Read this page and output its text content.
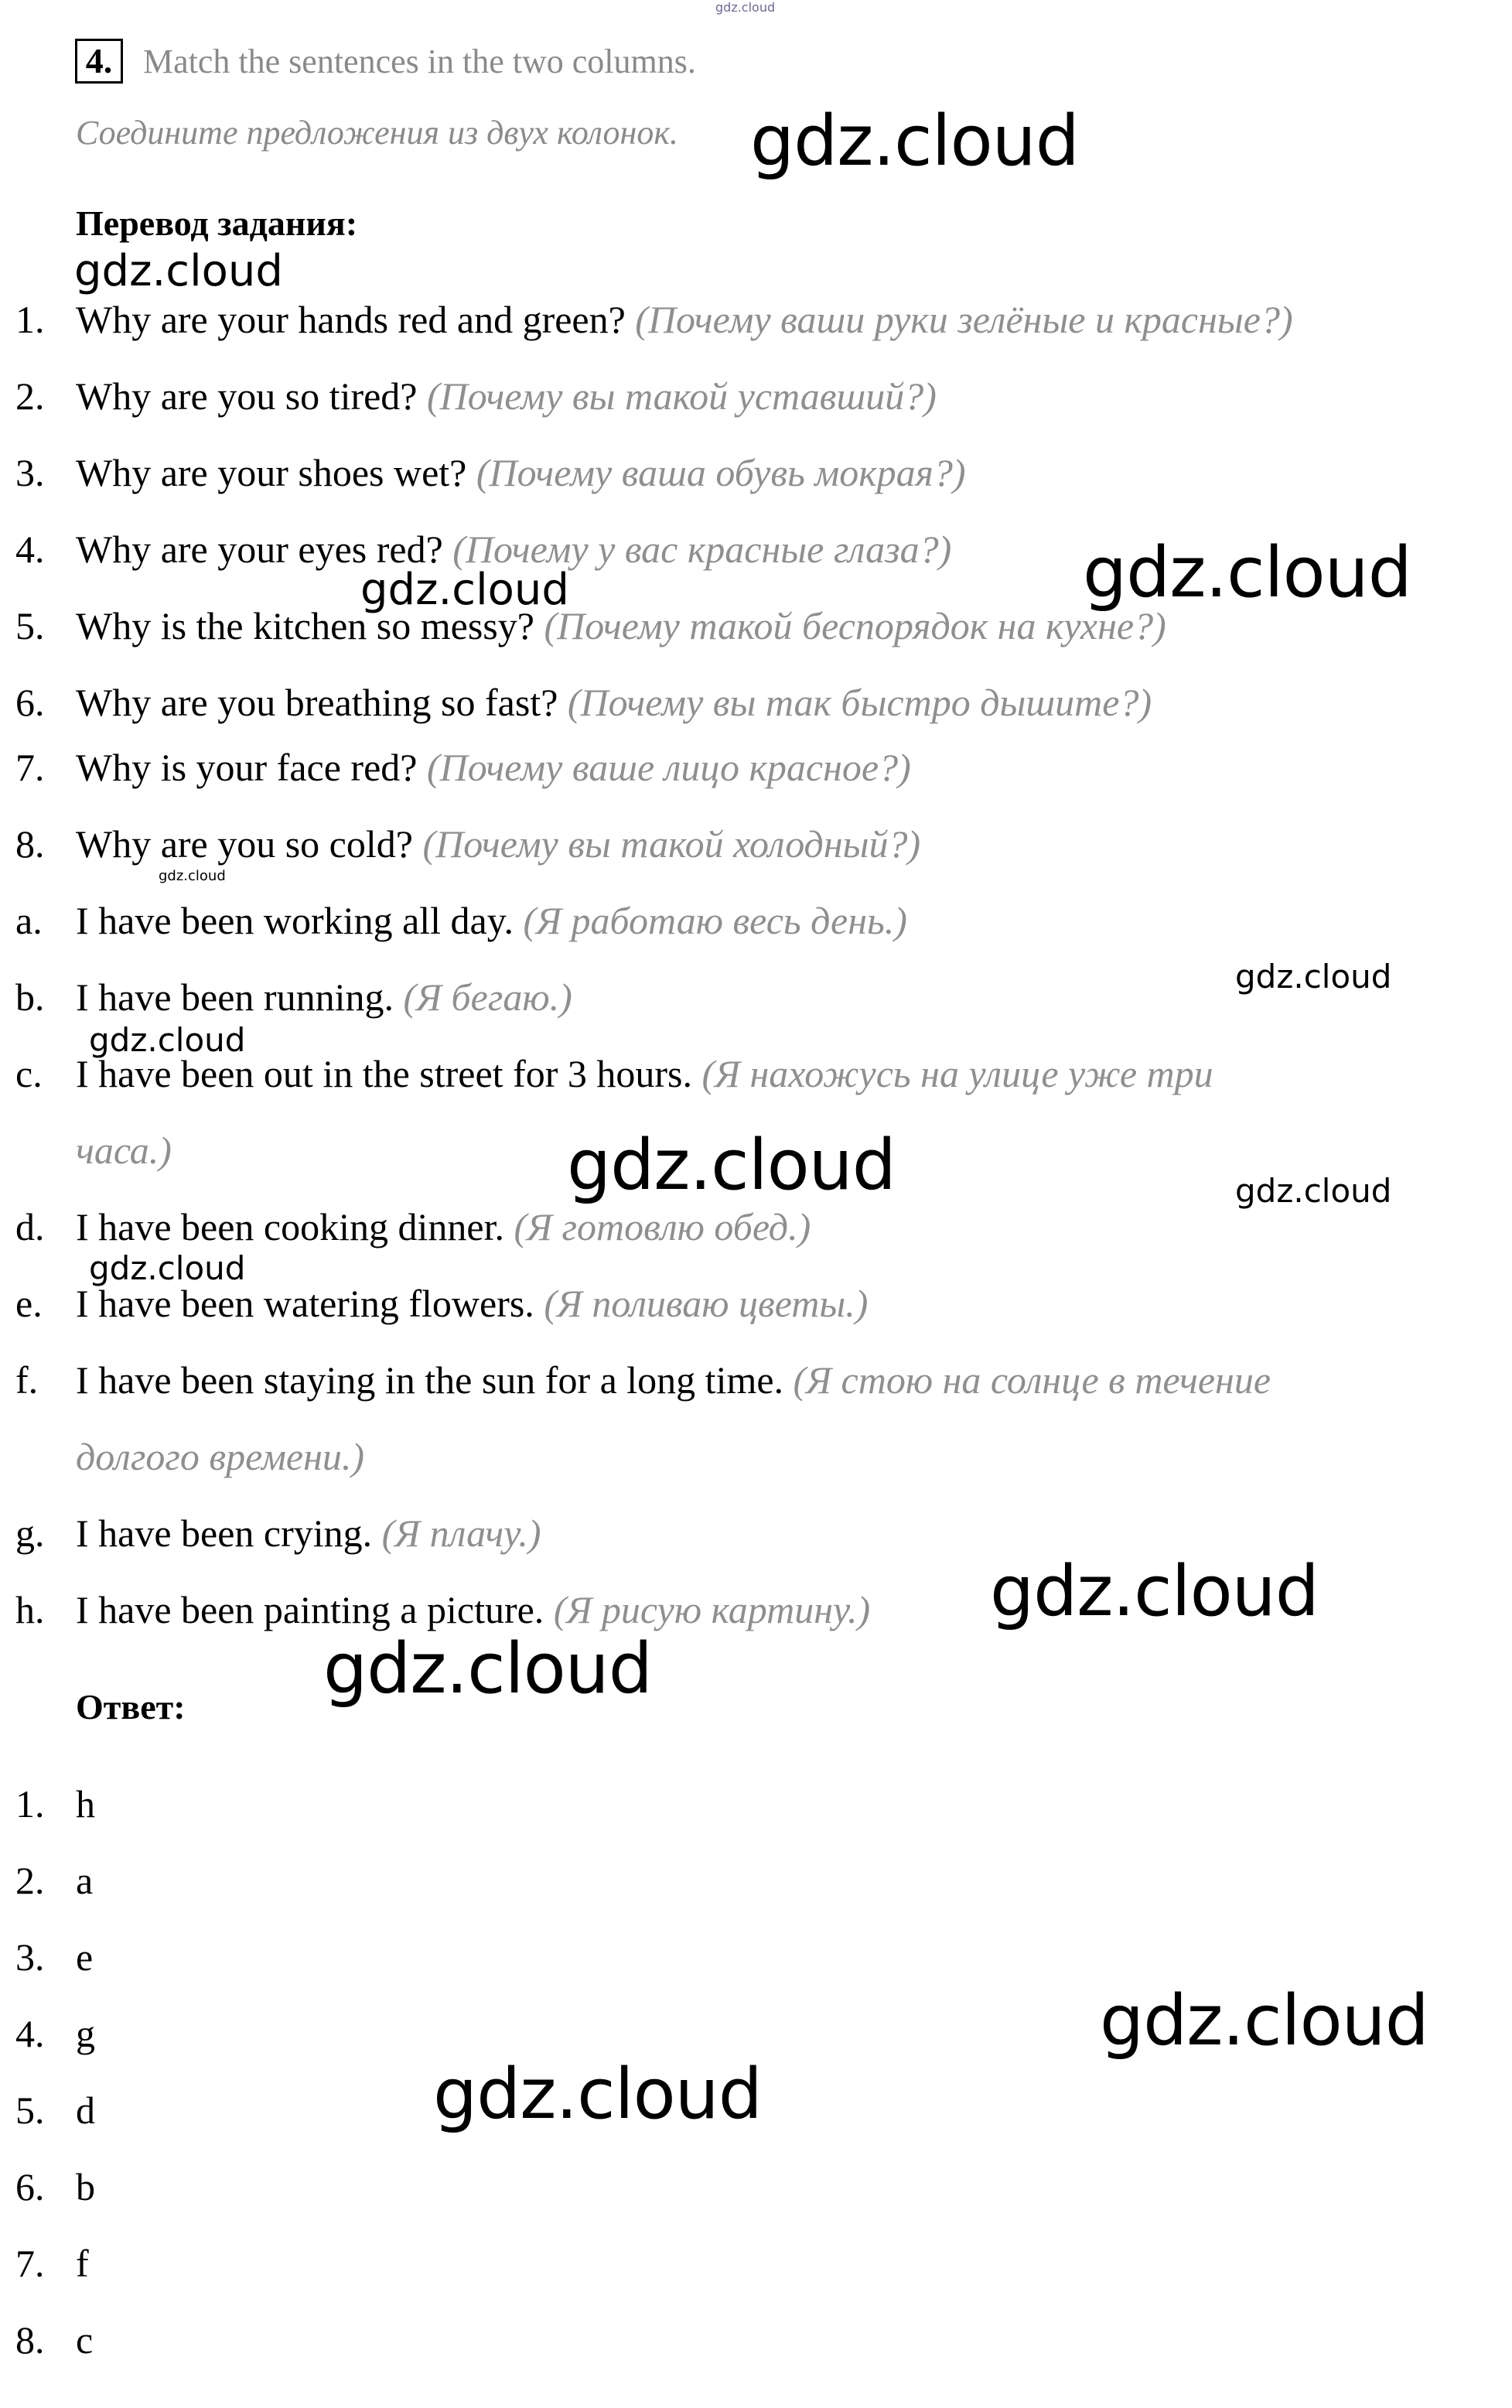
gdz.cloud
gdz.cloud
gdz.cloud
gdz.cloud
gdz.cloud
gdz.cloud
gdz.cloud
gdz.cloud
gdz.cloud	gdz.cloud
gdz.cloud
gdz.cloud
gdz.cloud
gdz.cloud
gdz.cloud
4. Match the sentences in the two columns.
Соедините предложения из двух колонок.
Перевод задания:
1. Why are your hands red and green? (Почему ваши руки зелёные и красные?)
2. Why are you so tired? (Почему вы такой уставший?)
3. Why are your shoes wet? (Почему ваша обувь мокрая?)
4. Why are your eyes red? (Почему у вас красные глаза?)
5. Why is the kitchen so messy? (Почему такой беспорядок на кухне?)
6. Why are you breathing so fast? (Почему вы так быстро дышите?)
7. Why is your face red? (Почему ваше лицо красное?)
8. Why are you so cold? (Почему вы такой холодный?)
a. I have been working all day. (Я работаю весь день.)
b. I have been running. (Я бегаю.)
c. I have been out in the street for 3 hours. (Я нахожусь на улице уже три
часа.)
d. I have been cooking dinner. (Я готовлю обед.)
e. I have been watering flowers. (Я поливаю цветы.)
f. I have been staying in the sun for a long time. (Я стою на солнце в течение
долгого времени.)
g. I have been crying. (Я плачу.)
h. I have been painting a picture. (Я рисую картину.)
Ответ:
1. h
2. a
3. e
4. g
5. d
6. b
7. f
8. c
